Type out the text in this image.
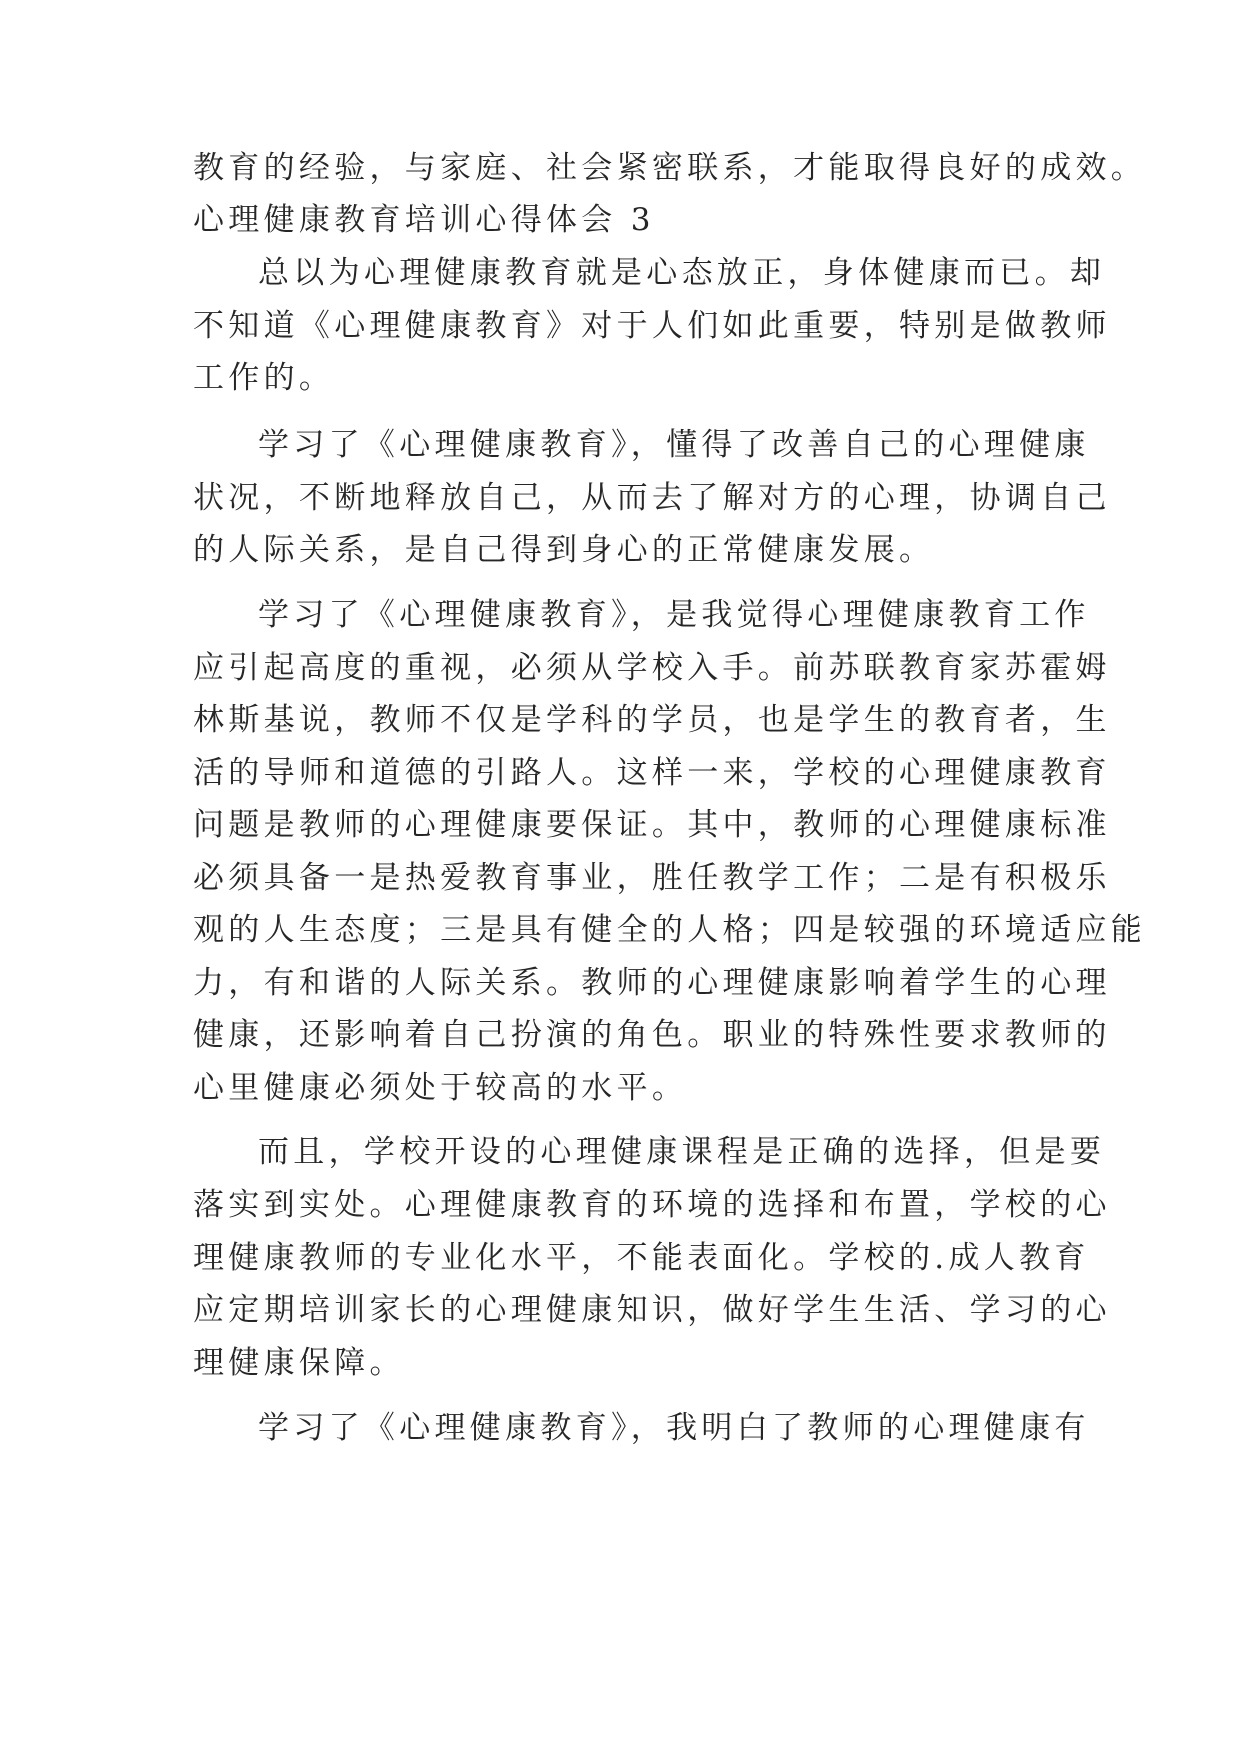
教育的经验，与家庭、社会紧密联系，才能取得良好的成效。
心理健康教育培训心得体会 3
总以为心理健康教育就是心态放正，身体健康而已。却
不知道《心理健康教育》对于人们如此重要，特别是做教师
工作的。
学习了《心理健康教育》，懂得了改善自己的心理健康
状况，不断地释放自己，从而去了解对方的心理，协调自己
的人际关系，是自己得到身心的正常健康发展。
学习了《心理健康教育》，是我觉得心理健康教育工作
应引起高度的重视，必须从学校入手。前苏联教育家苏霍姆
林斯基说，教师不仅是学科的学员，也是学生的教育者，生
活的导师和道德的引路人。这样一来，学校的心理健康教育
问题是教师的心理健康要保证。其中，教师的心理健康标准
必须具备一是热爱教育事业，胜任教学工作；二是有积极乐
观的人生态度；三是具有健全的人格；四是较强的环境适应能
力，有和谐的人际关系。教师的心理健康影响着学生的心理
健康，还影响着自己扮演的角色。职业的特殊性要求教师的
心里健康必须处于较高的水平。
而且，学校开设的心理健康课程是正确的选择，但是要
落实到实处。心理健康教育的环境的选择和布置，学校的心
理健康教师的专业化水平，不能表面化。学校的.成人教育
应定期培训家长的心理健康知识，做好学生生活、学习的心
理健康保障。
学习了《心理健康教育》，我明白了教师的心理健康有
